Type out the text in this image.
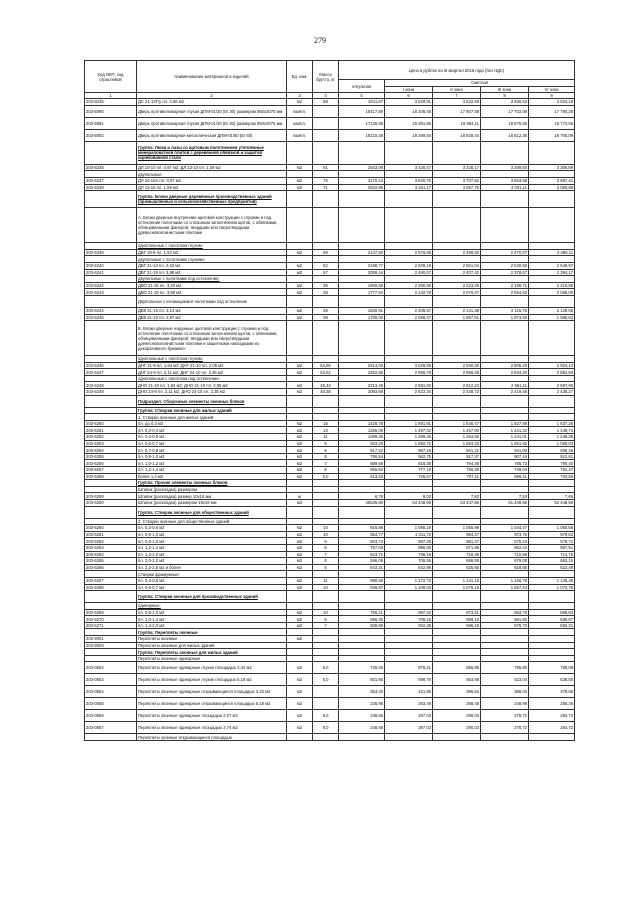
279
Код ОКП, код отраслевой	Наименование материалов и изделий	Ед. изм.	Масса брутто, кг	Цена в рублях на III квартал 2016 года (без НДС)				
				отпускная	Сметная			
					I зона	II зона	III зона	IV зона
1	2	3	4	5	6	7	8	9
203-8235	ДС 21-13Г/у пл. 2,66 м2	м2	68	3011,67	3 629,91	3 522,59	3 480,54	3 503,18
203-6090	Дверь противопожарная глухая ДПМ-01/30 (EI 30) размером 950х2075 мм	компл.		15417,69	18 346,45	17 907,58	17 702,09	17 790,28
203-6091	Дверь противопожарная глухая ДПМ-01/30 (EI 30) размером 950х2075 мм	компл.		17130,59	20 391,66	19 984,11	19 675,65	19 773,56
203-6092	Дверь противопожарная металлическая ДПМ-01/60 (EI 60)	компл.		16210,48	19 289,84	18 828,44	18 612,36	18 705,09
	Группа: Люки и лазы со щитовым полотнением утепленные минераловатной плитой с деревянной обвязкой и защитой оцинкованной стали							
203-6238	ДЛ 10-10 пл. 0,97 м2; ДЛ 13-10 пл. 1,29 м2	м2	81	2543,09	3 426,47	3 328,17	3 289,50	3 306,89
	двупольные:							
203-6237	ДЛ 10-10А пл. 0,97 м2	м2	76	3170,24	3 830,75	3 707,82	3 663,58	3 687,41
203-6238	ДЛ 13-15 пл. 1,89 м2	м2	71	2622,95	3 161,17	3 067,76	3 031,11	3 050,86
	Группа: Блоки дверные деревянные производственных зданий (промышленных и сельскохозяйственных предприятий)							
	А. Блоки дверные внутренние щитовой конструкции с глухими и под остекление полотнами со сплошным заполнением щитов, с обвязками, облицованными фанерой, твердыми или сверхтвердыми древесноволокнистыми плитами							
	однопольные с полотном глухим:							
203-6239	ДВГ 19-9 пл. 1,53 м2	м2	59	2137,50	2 576,06	2 499,92	2 470,07	2 486,11
	двупольные с полотнами глухими:							
203-6240	ДВГ 21-13 пл. 2,63 м2	м2	62	2188,77	2 639,19	2 561,04	2 530,50	2 546,97
203-6241	ДВГ 21-19 пл. 3,88 м2	м2	57	2058,44	2 480,67	2 407,42	2 378,67	2 394,17
	двупольные с полотнами под остекление:							
203-6242	ДВО 21-15 пл. 3,20 м2	м2	39	1900,68	2 290,90	2 223,25	2 196,71	2 210,95
203-6243	ДВО 21-19 пл. 3,88 м2	м2	38	1777,94	2 142,78	2 079,47	2 054,63	2 068,00
	Двупольные с качающимися полотнами под остекление							
203-6244	ДВК 21-15 пл. 3,13 м2	м2	39	1830,91	2 206,57	2 141,38	2 115,76	2 129,55
203-6245	ДВК 21-19 пл. 3,97 м2	м2	38	1708,00	2 058,47	1 997,61	1 973,80	1 986,63
	Б. Блоки дверные наружные щитовой конструкции с глухими и под остекление полотнами со сплошным заполнением щитов, с обвязками, облицованными фанерой, твердыми или сверхтвердыми древесноволокнистыми плитами и защитными накладками из декоративного бумажно-							
	однопольные с полотном глухим:							
203-6246	ДНГ 21-9 пл. 1,84 м2; ДНГ 21-10 пл. 2,05 м2	м2	64,65	2514,03	3 029,85	2 940,30	2 905,20	2 924,13
203-6247	ДНГ 24-9 пл. 2,11 м2; ДНГ 24-10 пл. 2,35 м2	м2	63,62	2452,55	2 955,78	2 868,48	2 834,20	2 852,69
	однопольные с полотном под остекление:							
203-6248	ДНО 21-10 пл. 1,84 м2; ДНО 21-10 пл. 2,05 м2	м2	45,43	2213,45	2 681,82	2 612,24	2 581,11	2 597,90
203-6249	ДНО 24-9 пл. 2,11 м2; ДНО 24-10 пл. 2,35 м2	м2	40,38	2093,69	2 523,34	2 448,72	2 419,48	2 435,27
	Подраздел: Сборочные элементы оконных блоков							
	Группа: Створки оконные для жилых зданий							
	1. Створки оконные для жилых зданий:							
203-6250	пл. до 0,3 м2	м2	15	1428,78	1 691,81	1 645,47	1 627,69	1 637,28
203-6251	пл. 0,3-0,4 м2	м2	13	1265,09	1 497,32	1 457,00	1 441,22	1 449,74
203-6252	пл. 0,4-0,5 м2	м2	11	1089,36	1 289,35	1 254,60	1 241,01	1 248,35
203-6253	пл. 0,5-0,7 м2	м2	9	923,28	1 092,72	1 063,33	1 051,82	1 058,03
203-6254	пл. 0,7-0,8 м2	м2	8	817,22	967,18	941,21	931,00	936,49
203-6255	пл. 0,8-1,0 м2	м2	8	786,54	942,75	917,37	907,44	912,81
203-6256	пл. 1,0-1,2 м2	м2	7	689,68	816,35	794,36	785,73	790,40
203-6257	пл. 1,2-1,4 м2	м2	6	656,62	777,19	756,30	748,04	752,47
203-6258	более 1,4 м2	м2	6,0	613,93	726,67	707,11	699,41	703,59
	Группа: Прочие элементы оконных блоков							
	Штапик (раскладка) размером							
203-6259	Штапик (раскладка) размер 10х16 мм	м		6,78	8,02	7,82	7,53	7,66
203-6260	Штапик (раскладка) размером 19х19 мм	м3		46535,80	54 448,69	53 447,65	51 449,56	52 448,58
	Группа: Створки оконные для общественных зданий							
	2. Створки оконные для общественных зданий:							
203-6260	пл. 0,3-0,6 м2	м2	10	916,86	1 085,19	1 055,99	1 044,47	1 050,68
203-6261	пл. 0,6-1,0 м2	м2	10	854,77	1 011,72	984,47	973,76	979,53
203-6262	пл. 0,6-1,0 м2	м2	8	503,74	597,25	581,47	575,24	578,72
203-6263	пл. 1,2-1,4 м2	м2	8	757,03	896,00	871,88	862,44	867,51
203-6264	пл. 1,4-2,0 м2	м2	7	623,71	738,18	718,35	710,58	714,75
203-6265	пл. 2,0-2,2 м2	м2	6	596,09	705,55	686,58	679,08	683,15
203-6266	пл. 2,2-2,6 м2 и более	м2	5	543,21	642,96	625,65	618,85	622,48
	Створки фрамужные:							
203-6267	пл. 0,4-0,6 м2	м2	11	990,59	1 172,73	1 141,15	1 128,78	1 135,46
203-6268	пл. 0,6-0,7 м2	м2	10	938,87	1 109,03	1 079,19	1 067,44	1 073,76
	Группа: Створки оконные для производственных зданий							
	одинарные:							
203-6269	пл. 0,5-1,0 м2	м2	10	756,21	897,42	873,21	863,76	868,84
203-6270	пл. 1,0-1,4 м2	м2	8	598,30	708,15	689,10	681,60	685,67
203-6271	пл. 1,4-2,0 м2	м2	7	508,69	602,35	586,15	579,73	583,21
	Группа: Переплеты оконные							
203-9001	Переплеты оконные	м2						
203-9003	Переплеты оконные для жилых зданий							
	Группа: Переплеты оконные для жилых зданий							
	Переплеты оконные одинарные							
203-0552	Переплеты оконные одинарные глухие площадью 3,42 м2	м2	5,0	735,05	878,21	855,89	785,80	788,09
203-0553	Переплеты оконные одинарные глухие площадью 5,18 м2	м2	5,0	601,66	698,70	563,98	523,04	538,50
203-0554	Переплеты оконные одинарные открывающиеся площадью 3,42 м2	м2		353,20	421,86	396,84	388,03	378,66
203-0555	Переплеты оконные одинарные открывающиеся площадью 5,18 м2	м2		238,95	283,49	268,48	248,99	256,36
203-0556	Переплеты оконные одинарные площадью 2,07 м2	м2	9,0	248,66	297,03	290,03	278,72	284,72
203-0557	Переплеты оконные одинарные площадью 2,74 м2	м2	8,0	248,66	297,03	290,03	278,72	284,72
	Переплеты оконные открывающиеся площадью							
